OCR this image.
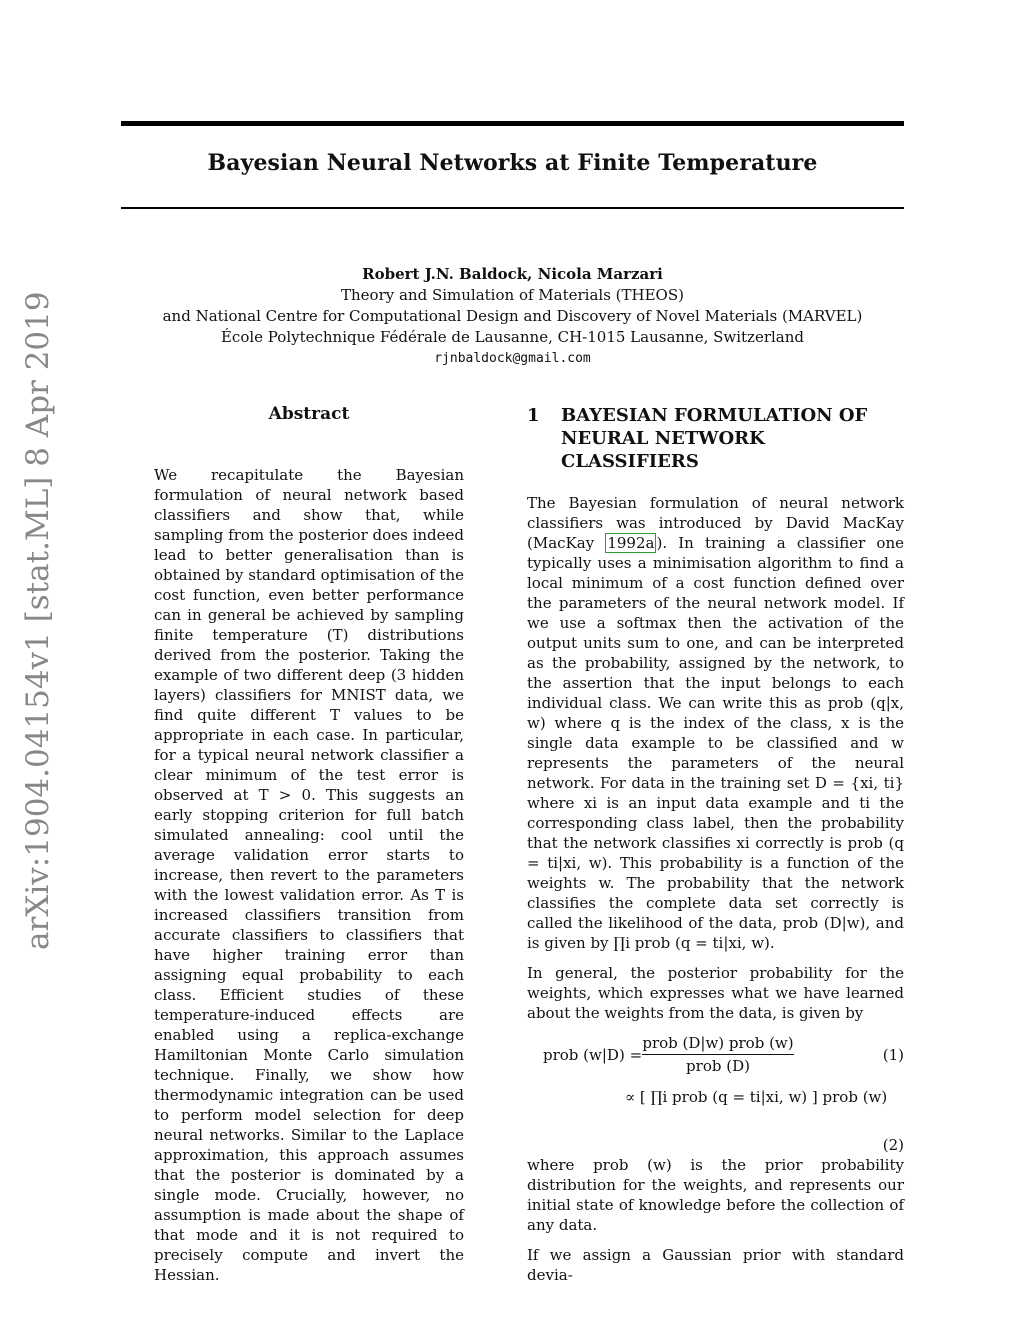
arXiv:1904.04154v1 [stat.ML] 8 Apr 2019
Bayesian Neural Networks at Finite Temperature
Robert J.N. Baldock, Nicola Marzari
Theory and Simulation of Materials (THEOS)
and National Centre for Computational Design and Discovery of Novel Materials (MARVEL)
École Polytechnique Fédérale de Lausanne, CH-1015 Lausanne, Switzerland
rjnbaldock@gmail.com
Abstract
We recapitulate the Bayesian formulation of neural network based classifiers and show that, while sampling from the posterior does indeed lead to better generalisation than is obtained by standard optimisation of the cost function, even better performance can in general be achieved by sampling finite temperature (T) distributions derived from the posterior. Taking the example of two different deep (3 hidden layers) classifiers for MNIST data, we find quite different T values to be appropriate in each case. In particular, for a typical neural network classifier a clear minimum of the test error is observed at T > 0. This suggests an early stopping criterion for full batch simulated annealing: cool until the average validation error starts to increase, then revert to the parameters with the lowest validation error. As T is increased classifiers transition from accurate classifiers to classifiers that have higher training error than assigning equal probability to each class. Efficient studies of these temperature-induced effects are enabled using a replica-exchange Hamiltonian Monte Carlo simulation technique. Finally, we show how thermodynamic integration can be used to perform model selection for deep neural networks. Similar to the Laplace approximation, this approach assumes that the posterior is dominated by a single mode. Crucially, however, no assumption is made about the shape of that mode and it is not required to precisely compute and invert the Hessian.
1	BAYESIAN FORMULATION OF NEURAL NETWORK CLASSIFIERS

The Bayesian formulation of neural network classifiers was introduced by David MacKay (MacKay 1992a ). In training a classifier one typically uses a minimisation algorithm to find a local minimum of a cost function defined over the parameters of the neural network model. If we use a softmax then the activation of the output units sum to one, and can be interpreted as the probability, assigned by the network, to the assertion that the input belongs to each individual class. We can write this as prob (q|x, w) where q is the index of the class, x is the single data example to be classified and w represents the parameters of the neural network. For data in the training set D = {xi, ti} where xi is an input data example and ti the corresponding class label, then the probability that the network classifies xi correctly is prob (q = ti|xi, w). This probability is a function of the weights w. The probability that the network classifies the complete data set correctly is called the likelihood of the data, prob (D|w), and is given by ∏i prob (q = ti|xi, w).

In general, the posterior probability for the weights, which expresses what we have learned about the weights from the data, is given by

prob (w|D) =
prob (D|w) prob (w)
prob (D)
(1)
∝ [ ∏i prob (q = ti|xi, w) ] prob (w)
(2)

where prob (w) is the prior probability distribution for the weights, and represents our initial state of knowledge before the collection of any data.

If we assign a Gaussian prior with standard devia-
